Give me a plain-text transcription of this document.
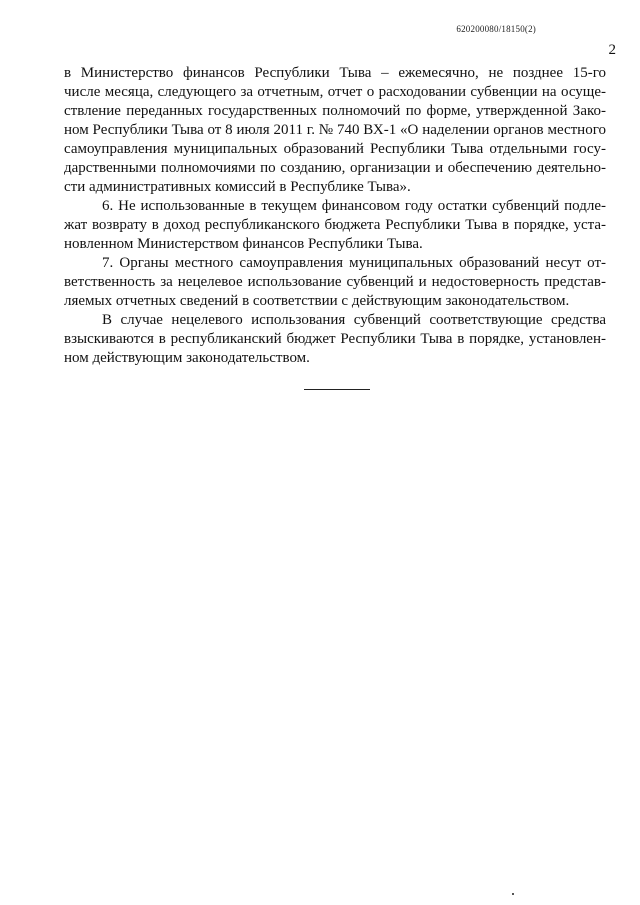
620200080/18150(2)
2
в Министерство финансов Республики Тыва – ежемесячно, не позднее 15-го
числе месяца, следующего за отчетным, отчет о расходовании субвенции на осуще-
ствление переданных государственных полномочий по форме, утвержденной Зако-
ном Республики Тыва от 8 июля 2011 г. № 740 ВХ-1 «О наделении органов местного
самоуправления муниципальных образований Республики Тыва отдельными госу-
дарственными полномочиями по созданию, организации и обеспечению деятельно-
сти административных комиссий в Республике Тыва».
6. Не использованные в текущем финансовом году остатки субвенций подле-
жат возврату в доход республиканского бюджета Республики Тыва в порядке, уста-
новленном Министерством финансов Республики Тыва.
7. Органы местного самоуправления муниципальных образований несут от-
ветственность за нецелевое использование субвенций и недостоверность представ-
ляемых отчетных сведений в соответствии с действующим законодательством.
В случае нецелевого использования субвенций соответствующие средства
взыскиваются в республиканский бюджет Республики Тыва в порядке, установлен-
ном действующим законодательством.
